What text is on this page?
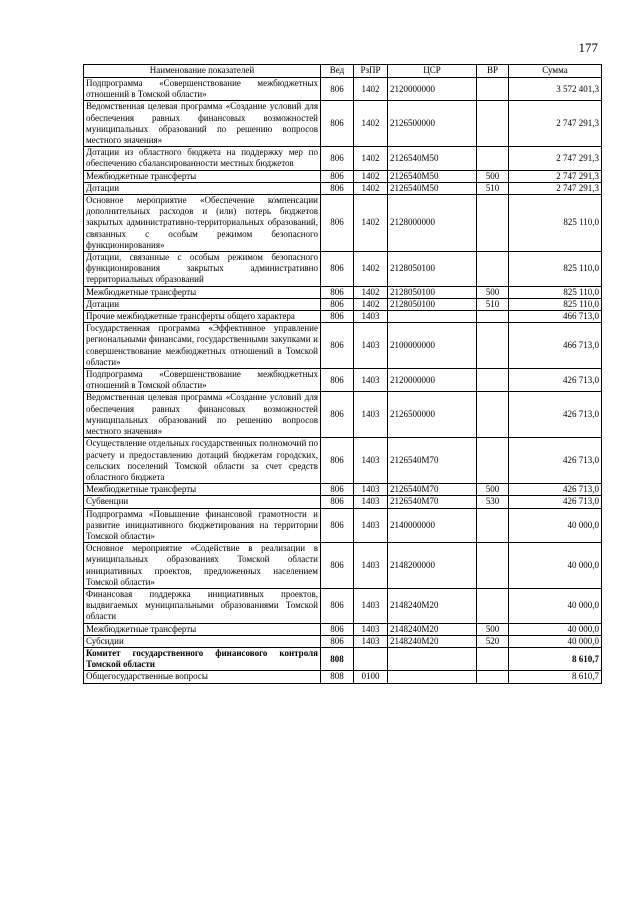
177
Наименование показателей	Вед	РзПР	ЦСР	ВР	Сумма
Подпрограмма «Совершенствование межбюджетных отношений в Томской области»	806	1402	2120000000		3 572 401,3
Ведомственная целевая программа «Создание условий для обеспечения равных финансовых возможностей муниципальных образований по решению вопросов местного значения»	806	1402	2126500000		2 747 291,3
Дотации из областного бюджета на поддержку мер по обеспечению сбалансированности местных бюджетов	806	1402	2126540М50		2 747 291,3
Межбюджетные трансферты	806	1402	2126540М50	500	2 747 291,3
Дотации	806	1402	2126540М50	510	2 747 291,3
Основное мероприятие «Обеспечение компенсации дополнительных расходов и (или) потерь бюджетов закрытых административно-территориальных образований, связанных с особым режимом безопасного функционирования»	806	1402	2128000000		825 110,0
Дотации, связанные с особым режимом безопасного функционирования закрытых административно территориальных образований	806	1402	2128050100		825 110,0
Межбюджетные трансферты	806	1402	2128050100	500	825 110,0
Дотации	806	1402	2128050100	510	825 110,0
Прочие межбюджетные трансферты общего характера	806	1403			466 713,0
Государственная программа «Эффективное управление региональными финансами, государственными закупками и совершенствование межбюджетных отношений в Томской области»	806	1403	2100000000		466 713,0
Подпрограмма «Совершенствование межбюджетных отношений в Томской области»	806	1403	2120000000		426 713,0
Ведомственная целевая программа «Создание условий для обеспечения равных финансовых возможностей муниципальных образований по решению вопросов местного значения»	806	1403	2126500000		426 713,0
Осуществление отдельных государственных полномочий по расчету и предоставлению дотаций бюджетам городских, сельских поселений Томской области за счет средств областного бюджета	806	1403	2126540М70		426 713,0
Межбюджетные трансферты	806	1403	2126540М70	500	426 713,0
Субвенции	806	1403	2126540М70	530	426 713,0
Подпрограмма «Повышение финансовой грамотности и развитие инициативного бюджетирования на территории Томской области»	806	1403	2140000000		40 000,0
Основное мероприятие «Содействие в реализации в муниципальных образованиях Томской области инициативных проектов, предложенных населением Томской области»	806	1403	2148200000		40 000,0
Финансовая поддержка инициативных проектов, выдвигаемых муниципальными образованиями Томской области	806	1403	2148240М20		40 000,0
Межбюджетные трансферты	806	1403	2148240М20	500	40 000,0
Субсидии	806	1403	2148240М20	520	40 000,0
Комитет государственного финансового контроля Томской области	808				8 610,7
Общегосударственные вопросы	808	0100			8 610,7
